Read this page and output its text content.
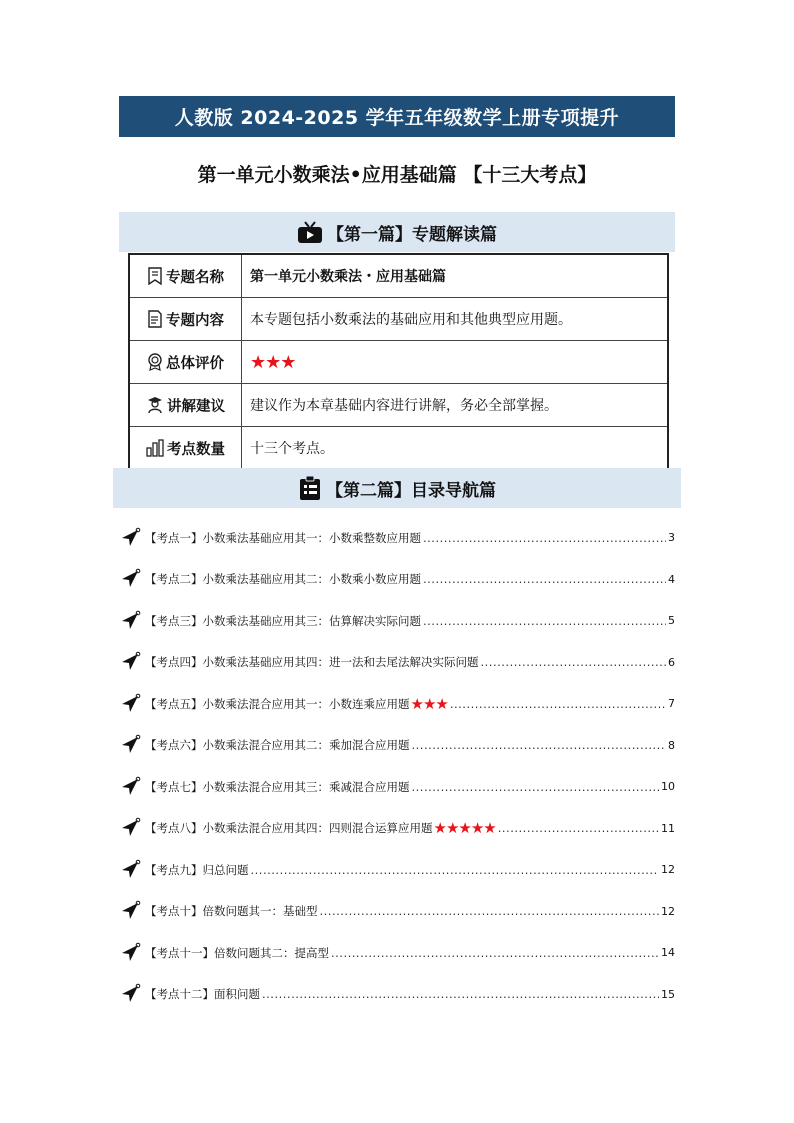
人教版 2024-2025 学年五年级数学上册专项提升
第一单元小数乘法•应用基础篇 【十三大考点】
【第一篇】专题解读篇
专题名称	第一单元小数乘法・应用基础篇
专题内容	本专题包括小数乘法的基础应用和其他典型应用题。
总体评价 ★★★
讲解建议	建议作为本章基础内容进行讲解，务必全部掌握。
考点数量	十三个考点。
【第二篇】目录导航篇
【考点一】小数乘法基础应用其一：小数乘整数应用题 .....	3
【考点二】小数乘法基础应用其二：小数乘小数应用题 .....	4
【考点三】小数乘法基础应用其三：估算解决实际问题 .....	5
【考点四】小数乘法基础应用其四：进一法和去尾法解决实际问题 .....	6
【考点五】小数乘法混合应用其一：小数连乘应用题 ★★★ .....	7
【考点六】小数乘法混合应用其二：乘加混合应用题 .....	8
【考点七】小数乘法混合应用其三：乘减混合应用题 .....	10
【考点八】小数乘法混合应用其四：四则混合运算应用题 ★★★★★ .....	11
【考点九】归总问题 .....	12
【考点十】倍数问题其一：基础型 .....	12
【考点十一】倍数问题其二：提高型 .....	14
【考点十二】面积问题 .....	15
